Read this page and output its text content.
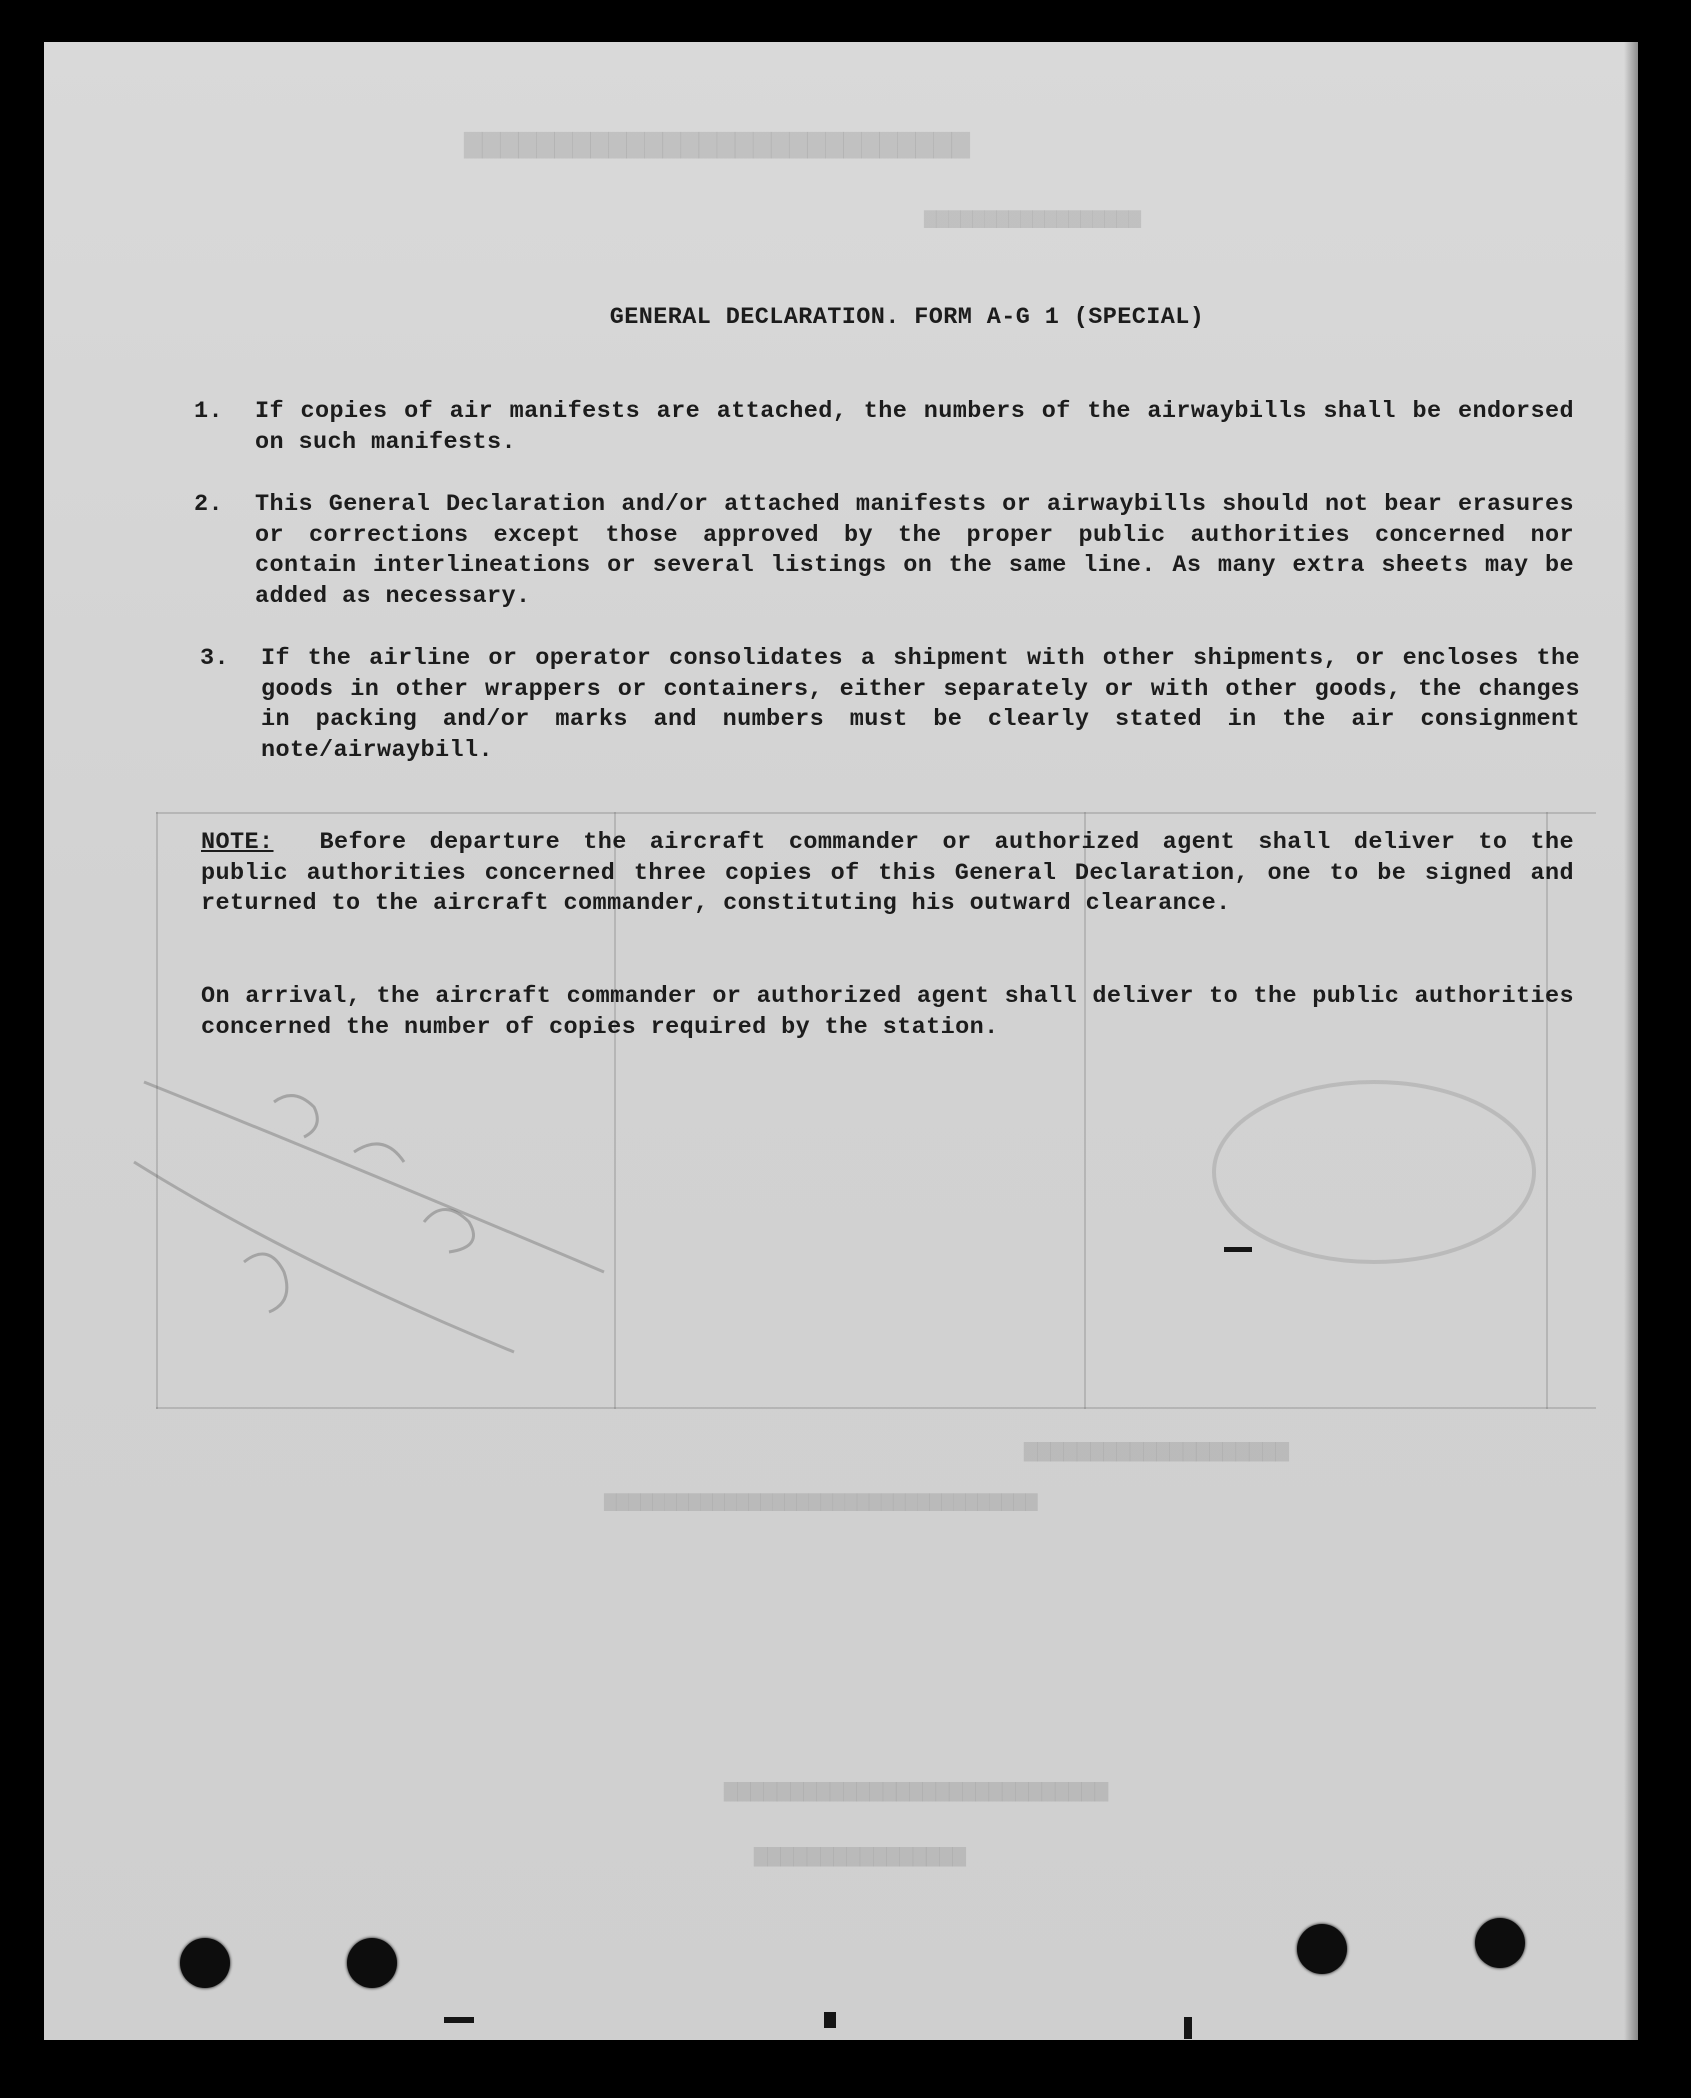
▆▆▆▆▆▆▆▆▆▆▆▆▆▆▆▆▆▆▆▆▆▆▆▆▆▆▆▆
▆▆▆▆▆▆▆▆▆▆▆▆▆▆▆▆▆▆
▆▆▆▆▆▆▆▆▆▆▆▆▆▆▆▆▆▆▆▆
▆▆▆▆▆▆▆▆▆▆▆▆▆▆▆▆▆▆▆▆▆▆▆▆▆▆▆▆▆▆▆▆▆▆▆▆
▆▆▆▆▆▆▆▆▆▆▆▆▆▆▆▆▆▆▆▆▆▆▆▆▆▆▆▆▆
▆▆▆▆▆▆▆▆▆▆▆▆▆▆▆▆
GENERAL DECLARATION. FORM A-G 1 (SPECIAL)
1.	If copies of air manifests are attached, the numbers of the airwaybills shall be endorsed on such manifests.
2.	This General Declaration and/or attached manifests or airwaybills should not bear erasures or corrections except those approved by the proper public authorities concerned nor contain interlineations or several listings on the same line. As many extra sheets may be added as necessary.
3.	If the airline or operator consolidates a shipment with other shipments, or encloses the goods in other wrappers or containers, either separately or with other goods, the changes in packing and/or marks and numbers must be clearly stated in the air consignment note/airwaybill.
NOTE: Before departure the aircraft commander or authorized agent shall deliver to the public authorities concerned three copies of this General Declaration, one to be signed and returned to the aircraft commander, constituting his outward clearance.
On arrival, the aircraft commander or authorized agent shall deliver to the public authorities concerned the number of copies required by the station.
